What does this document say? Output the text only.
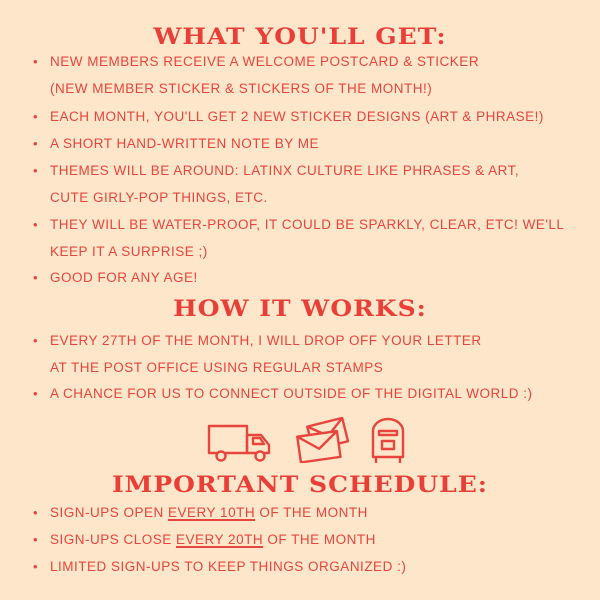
WHAT YOU'LL GET:
• NEW MEMBERS RECEIVE A WELCOME POSTCARD & STICKER
(NEW MEMBER STICKER & STICKERS OF THE MONTH!)
• EACH MONTH, YOU'LL GET 2 NEW STICKER DESIGNS (ART & PHRASE!)
• A SHORT HAND-WRITTEN NOTE BY ME
• THEMES WILL BE AROUND: LATINX CULTURE LIKE PHRASES & ART,
CUTE GIRLY-POP THINGS, ETC.
• THEY WILL BE WATER-PROOF, IT COULD BE SPARKLY, CLEAR, ETC! WE'LL
KEEP IT A SURPRISE ;)
• GOOD FOR ANY AGE!
HOW IT WORKS:
• EVERY 27TH OF THE MONTH, I WILL DROP OFF YOUR LETTER
AT THE POST OFFICE USING REGULAR STAMPS
• A CHANCE FOR US TO CONNECT OUTSIDE OF THE DIGITAL WORLD :)
IMPORTANT SCHEDULE:
• SIGN-UPS OPEN EVERY 10TH OF THE MONTH
• SIGN-UPS CLOSE EVERY 20TH OF THE MONTH
• LIMITED SIGN-UPS TO KEEP THINGS ORGANIZED :)
